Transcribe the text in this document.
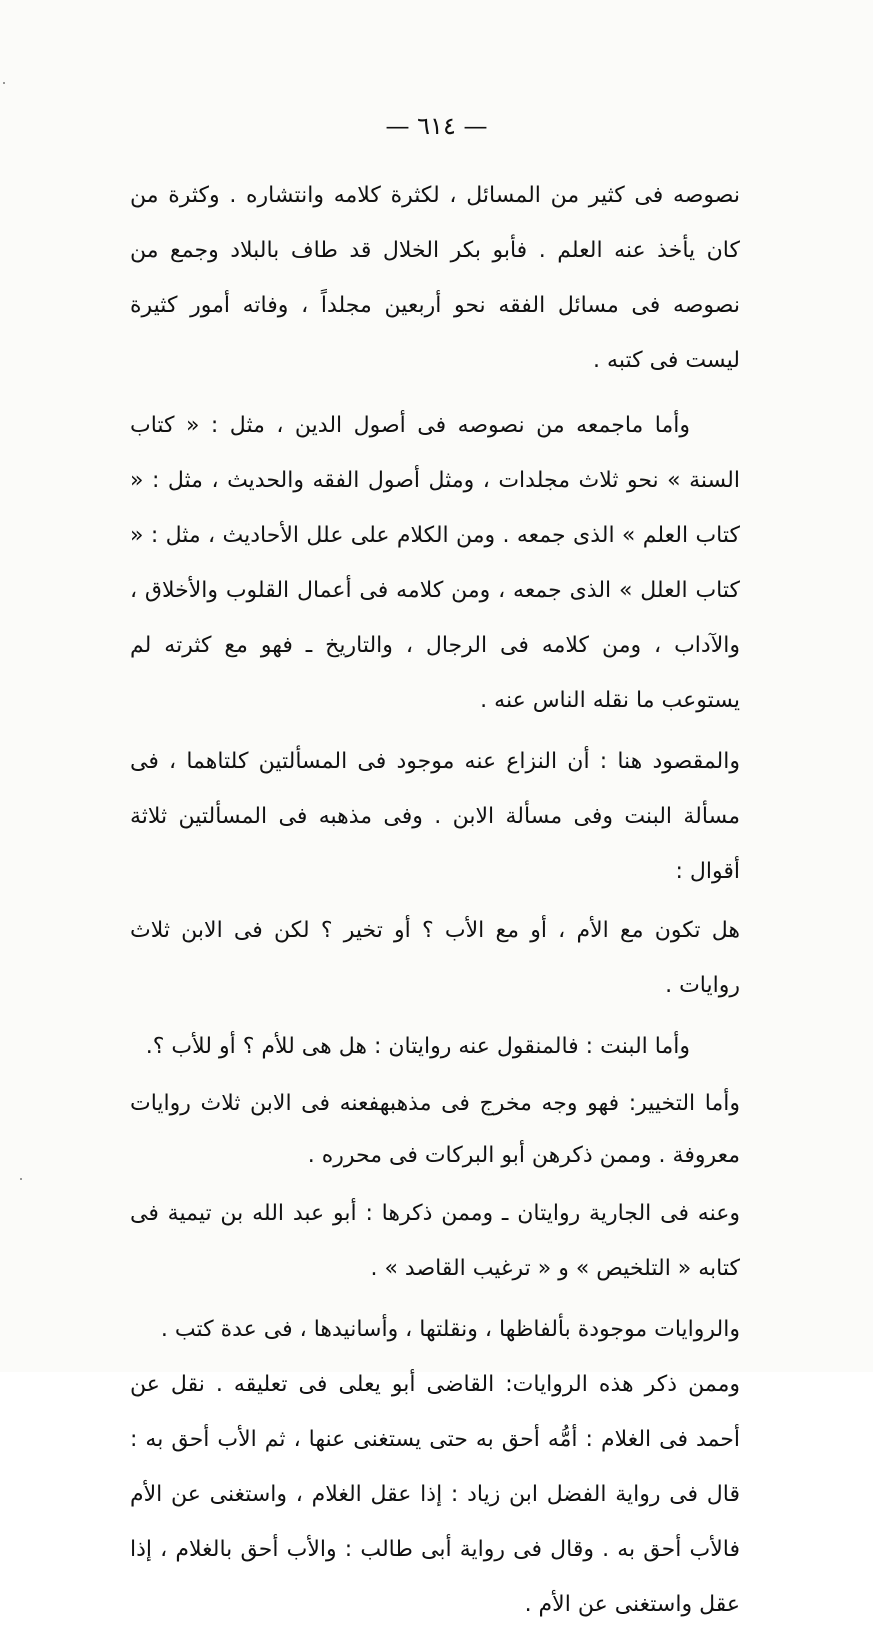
— ٦١٤ —

نصوصه فى كثير من المسائل ، لكثرة كلامه وانتشاره . وكثرة من كان يأخذ عنه العلم . فأبو بكر الخلال قد طاف بالبلاد وجمع من نصوصه فى مسائل الفقه نحو أربعين مجلداً ، وفاته أمور كثيرة ليست فى كتبه .

وأما ماجمعه من نصوصه فى أصول الدين ، مثل : « كتاب السنة » نحو ثلاث مجلدات ، ومثل أصول الفقه والحديث ، مثل : « كتاب العلم » الذى جمعه . ومن الكلام على علل الأحاديث ، مثل : « كتاب العلل » الذى جمعه ، ومن كلامه فى أعمال القلوب والأخلاق ، والآداب ، ومن كلامه فى الرجال ، والتاريخ ـ فهو مع كثرته لم يستوعب ما نقله الناس عنه .

والمقصود هنا : أن النزاع عنه موجود فى المسألتين كلتاهما ، فى مسألة البنت وفى مسألة الابن . وفى مذهبه فى المسألتين ثلاثة أقوال :

هل تكون مع الأم ، أو مع الأب ؟ أو تخير ؟ لكن فى الابن ثلاث روايات .

وأما البنت : فالمنقول عنه روايتان : هل هى للأم ؟ أو للأب ؟.

وأما التخيير: فهو وجه مخرج فى مذهبهفعنه فى الابن ثلاث روايات معروفة . وممن ذكرهن أبو البركات فى محرره .

وعنه فى الجارية روايتان ـ وممن ذكرها : أبو عبد الله بن تيمية فى كتابه « التلخيص » و « ترغيب القاصد » .

والروايات موجودة بألفاظها ، ونقلتها ، وأسانيدها ، فى عدة كتب .

وممن ذكر هذه الروايات: القاضى أبو يعلى فى تعليقه . نقل عن أحمد فى الغلام : أمُّه أحق به حتى يستغنى عنها ، ثم الأب أحق به : قال فى رواية الفضل ابن زياد : إذا عقل الغلام ، واستغنى عن الأم فالأب أحق به . وقال فى رواية أبى طالب : والأب أحق بالغلام ، إذا عقل واستغنى عن الأم .
